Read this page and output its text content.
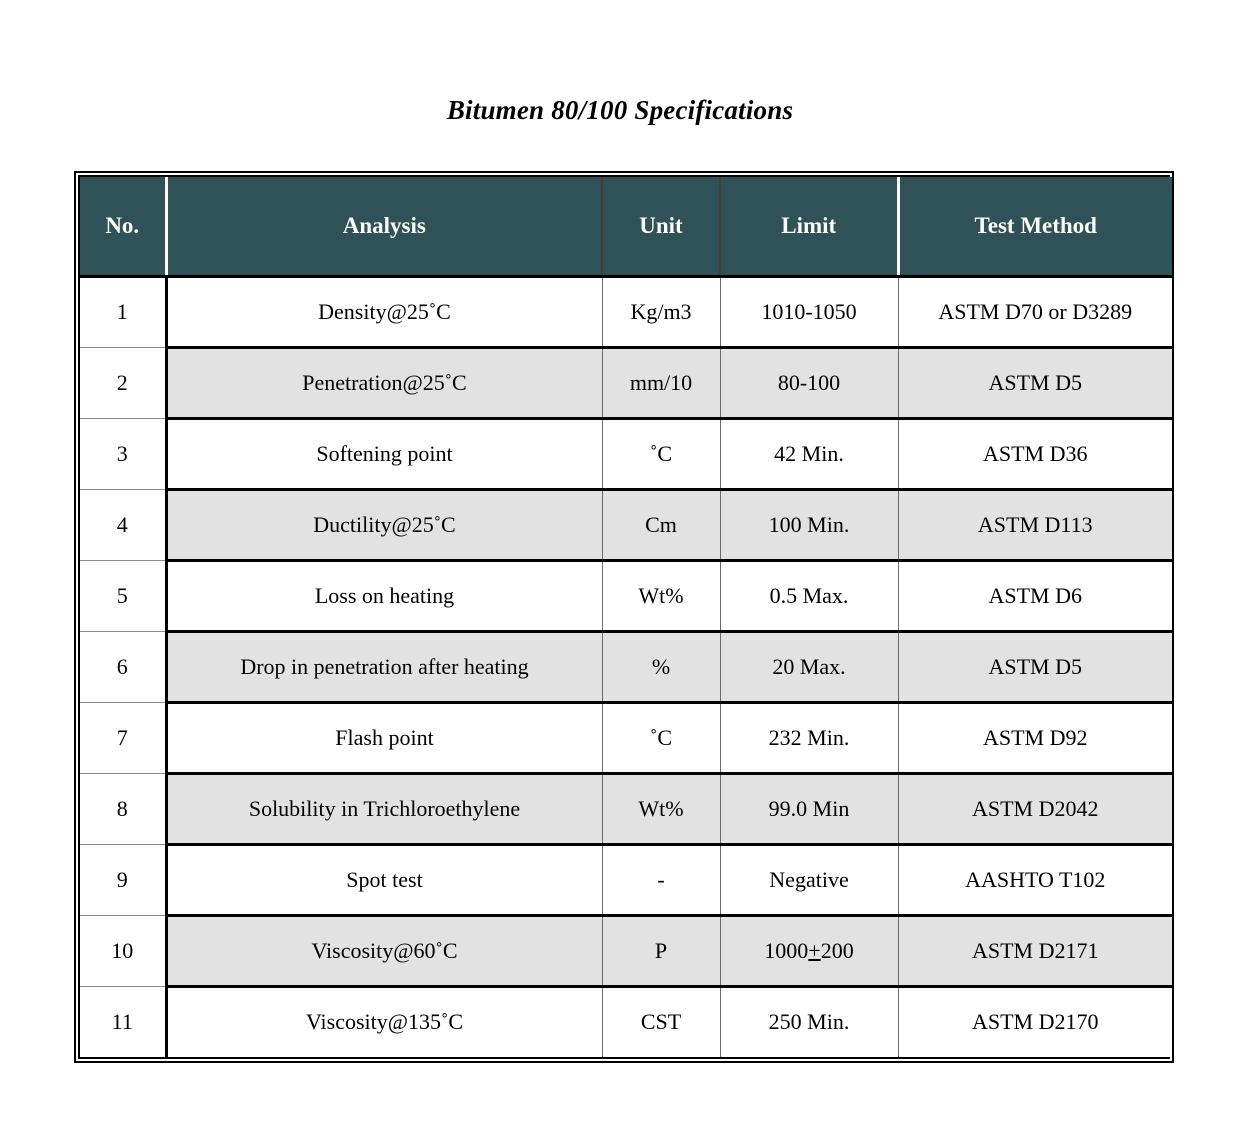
Bitumen 80/100 Specifications
No.	Analysis	Unit	Limit	Test Method
1	Density@25˚C	Kg/m3	1010-1050	ASTM D70 or D3289
2	Penetration@25˚C	mm/10	80-100	ASTM D5
3	Softening point	˚C	42 Min.	ASTM D36
4	Ductility@25˚C	Cm	100 Min.	ASTM D113
5	Loss on heating	Wt%	0.5 Max.	ASTM D6
6	Drop in penetration after heating	%	20 Max.	ASTM D5
7	Flash point	˚C	232 Min.	ASTM D92
8	Solubility in Trichloroethylene	Wt%	99.0 Min	ASTM D2042
9	Spot test	-	Negative	AASHTO T102
10	Viscosity@60˚C	P	1000+200	ASTM D2171
11	Viscosity@135˚C	CST	250 Min.	ASTM D2170
